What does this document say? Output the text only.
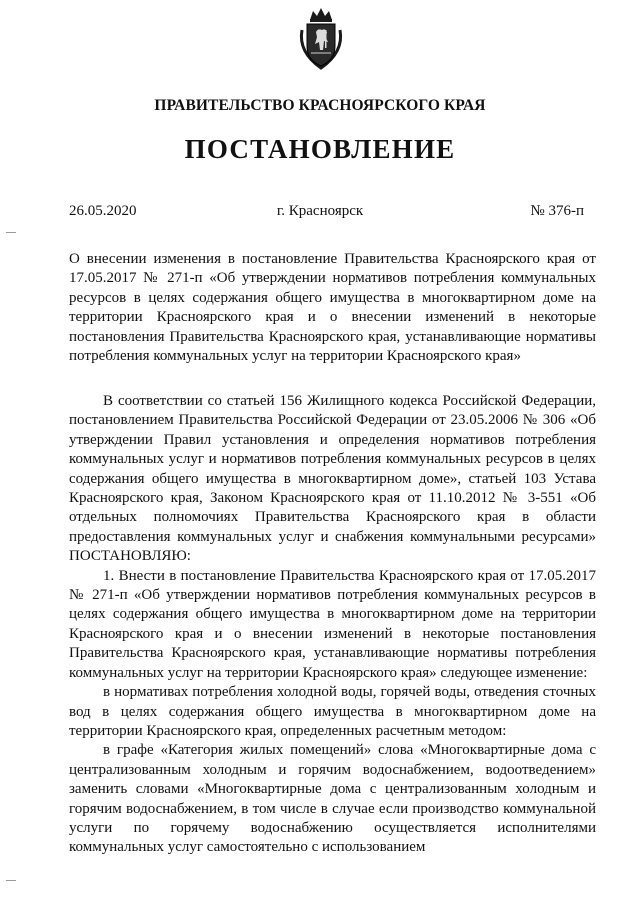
ПРАВИТЕЛЬСТВО КРАСНОЯРСКОГО КРАЯ
ПОСТАНОВЛЕНИЕ
26.05.2020	г. Красноярск	№ 376-п
О внесении изменения в постановление Правительства Красноярского края от 17.05.2017 № 271-п «Об утверждении нормативов потребления коммунальных ресурсов в целях содержания общего имущества в многоквартирном доме на территории Красноярского края и о внесении изменений в некоторые постановления Правительства Красноярского края, устанавливающие нормативы потребления коммунальных услуг на территории Красноярского края»

В соответствии со статьей 156 Жилищного кодекса Российской Федерации, постановлением Правительства Российской Федерации от 23.05.2006 № 306 «Об утверждении Правил установления и определения нормативов потребления коммунальных услуг и нормативов потребления коммунальных ресурсов в целях содержания общего имущества в многоквартирном доме», статьей 103 Устава Красноярского края, Законом Красноярского края от 11.10.2012 № 3-551 «Об отдельных полномочиях Правительства Красноярского края в области предоставления коммунальных услуг и снабжения коммунальными ресурсами» ПОСТАНОВЛЯЮ:

1. Внести в постановление Правительства Красноярского края от 17.05.2017 № 271-п «Об утверждении нормативов потребления коммунальных ресурсов в целях содержания общего имущества в многоквартирном доме на территории Красноярского края и о внесении изменений в некоторые постановления Правительства Красноярского края, устанавливающие нормативы потребления коммунальных услуг на территории Красноярского края» следующее изменение:

в нормативах потребления холодной воды, горячей воды, отведения сточных вод в целях содержания общего имущества в многоквартирном доме на территории Красноярского края, определенных расчетным методом:

в графе «Категория жилых помещений» слова «Многоквартирные дома с централизованным холодным и горячим водоснабжением, водоотведением» заменить словами «Многоквартирные дома с централизованным холодным и горячим водоснабжением, в том числе в случае если производство коммунальной услуги по горячему водоснабжению осуществляется исполнителями коммунальных услуг самостоятельно с использованием
